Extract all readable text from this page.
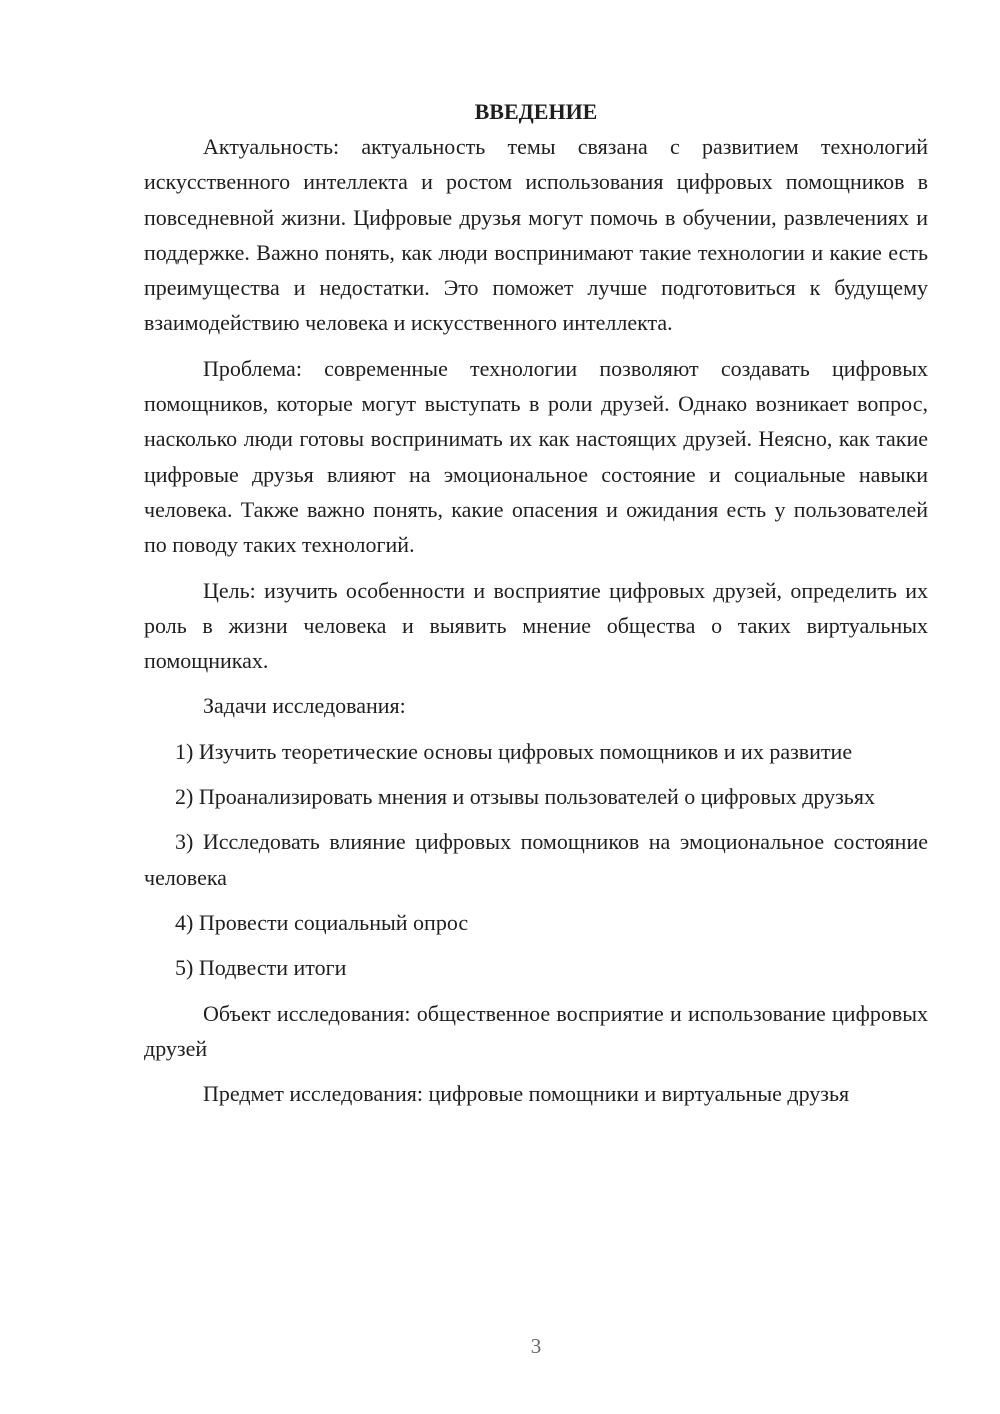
ВВЕДЕНИЕ

Актуальность: актуальность темы связана с развитием технологий искусственного интеллекта и ростом использования цифровых помощников в повседневной жизни. Цифровые друзья могут помочь в обучении, развлечениях и поддержке. Важно понять, как люди воспринимают такие технологии и какие есть преимущества и недостатки. Это поможет лучше подготовиться к будущему взаимодействию человека и искусственного интеллекта.

Проблема: современные технологии позволяют создавать цифровых помощников, которые могут выступать в роли друзей. Однако возникает вопрос, насколько люди готовы воспринимать их как настоящих друзей. Неясно, как такие цифровые друзья влияют на эмоциональное состояние и социальные навыки человека. Также важно понять, какие опасения и ожидания есть у пользователей по поводу таких технологий.

Цель: изучить особенности и восприятие цифровых друзей, определить их роль в жизни человека и выявить мнение общества о таких виртуальных помощниках.

Задачи исследования:

1) Изучить теоретические основы цифровых помощников и их развитие

2) Проанализировать мнения и отзывы пользователей о цифровых друзьях

3) Исследовать влияние цифровых помощников на эмоциональное состояние человека

4) Провести социальный опрос

5) Подвести итоги

Объект исследования: общественное восприятие и использование цифровых друзей

Предмет исследования: цифровые помощники и виртуальные друзья

3
